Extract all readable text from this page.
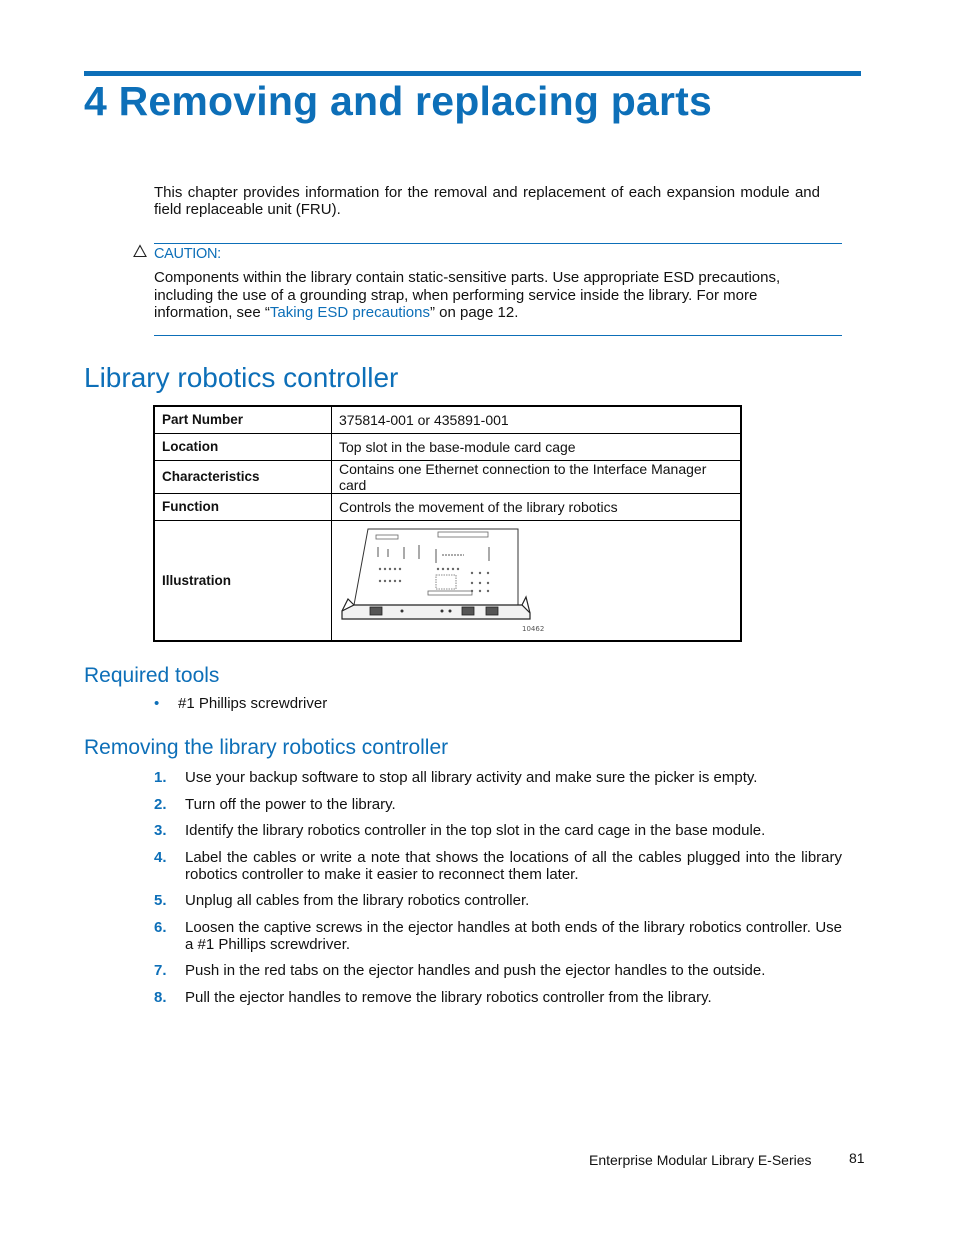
4 Removing and replacing parts

This chapter provides information for the removal and replacement of each expansion module and field replaceable unit (FRU).

CAUTION:

Components within the library contain static-sensitive parts. Use appropriate ESD precautions, including the use of a grounding strap, when performing service inside the library. For more information, see “Taking ESD precautions” on page 12.

Library robotics controller
Part Number	375814-001 or 435891-001
Location	Top slot in the base-module card cage
Characteristics	Contains one Ethernet connection to the Interface Manager card
Function	Controls the movement of the library robotics
Illustration	10462
Required tools
• #1 Phillips screwdriver
Removing the library robotics controller
1. Use your backup software to stop all library activity and make sure the picker is empty.
2. Turn off the power to the library.
3. Identify the library robotics controller in the top slot in the card cage in the base module.
4. Label the cables or write a note that shows the locations of all the cables plugged into the library robotics controller to make it easier to reconnect them later.
5. Unplug all cables from the library robotics controller.
6. Loosen the captive screws in the ejector handles at both ends of the library robotics controller. Use a #1 Phillips screwdriver.
7. Push in the red tabs on the ejector handles and push the ejector handles to the outside.
8. Pull the ejector handles to remove the library robotics controller from the library.
Enterprise Modular Library E-Series	81
